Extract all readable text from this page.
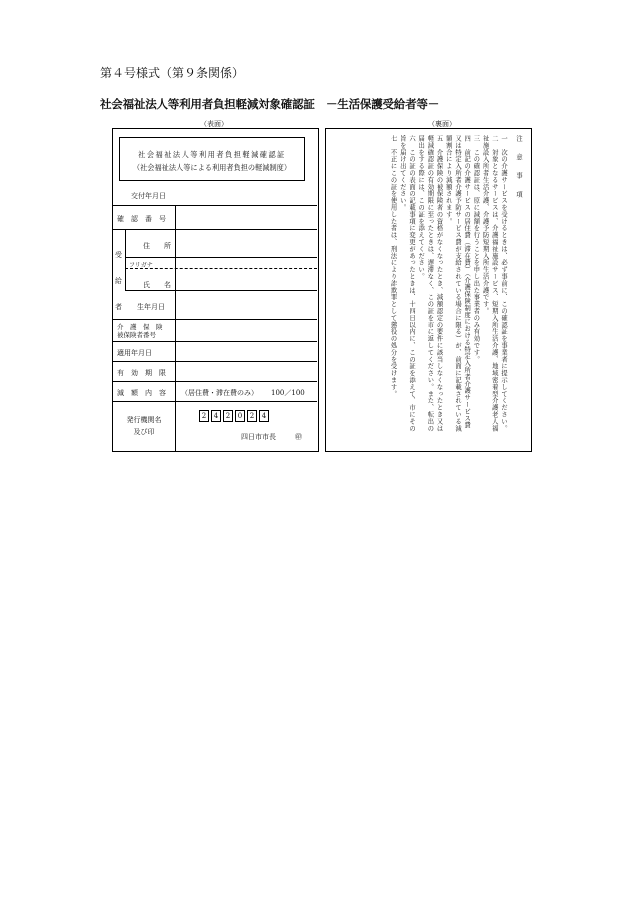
第４号様式（第９条関係）
社会福祉法人等利用者負担軽減対象確認証　－生活保護受給者等－
（表面）	（裏面）
社会福祉法人等利用者負担軽減確認証
（社会福祉法人等による利用者負担の軽減制度）
交付年月日
確　認　番　号
受
給
者
住　　所
フリガナ
氏　　名
生年月日
介　護　保　険
被保険者番号
適用年月日
有　効　期　限
減　額　内　容 （居住費・滞在費のみ） 100／100
発行機関名
及び印
2	4	2	0	2	4
四日市市長	㊞
注　意　事　項
一　次の介護サービスを受けるときは、必ず事前に、この確認証を事業者に提示してください。
二　対象となるサービスは、介護福祉施設サービス、短期入所生活介護、地域密着型介護老人福祉施設入所者生活介護、介護予防短期入所生活介護です。
三　この確認証は、原に減額を行うことを申し出た事業者のみ有効です。
四　前記の介護サービスの居住費（滞在費）（介護保険制度における特定入所者介護サービス費又は特定入所者介護予防サービス費が支給されている場合に限る）が、前面に記載されている減額割合により減額されます。
五　介護保険の被保険者の資格がなくなったとき、減額認定の要件に該当しなくなったとき又は軽減確認証の有効期限に至ったときは、遅滞なく、この証を市に返してください。また、転出の届出をする際には、この証を添えてください。
六　この証の表面の記載事項に変更があったときは、十四日以内に、この証を添えて、市にその旨を届け出てください。
七　不正にこの証を使用した者は、刑法により詐欺罪として懲役の処分を受けます。
